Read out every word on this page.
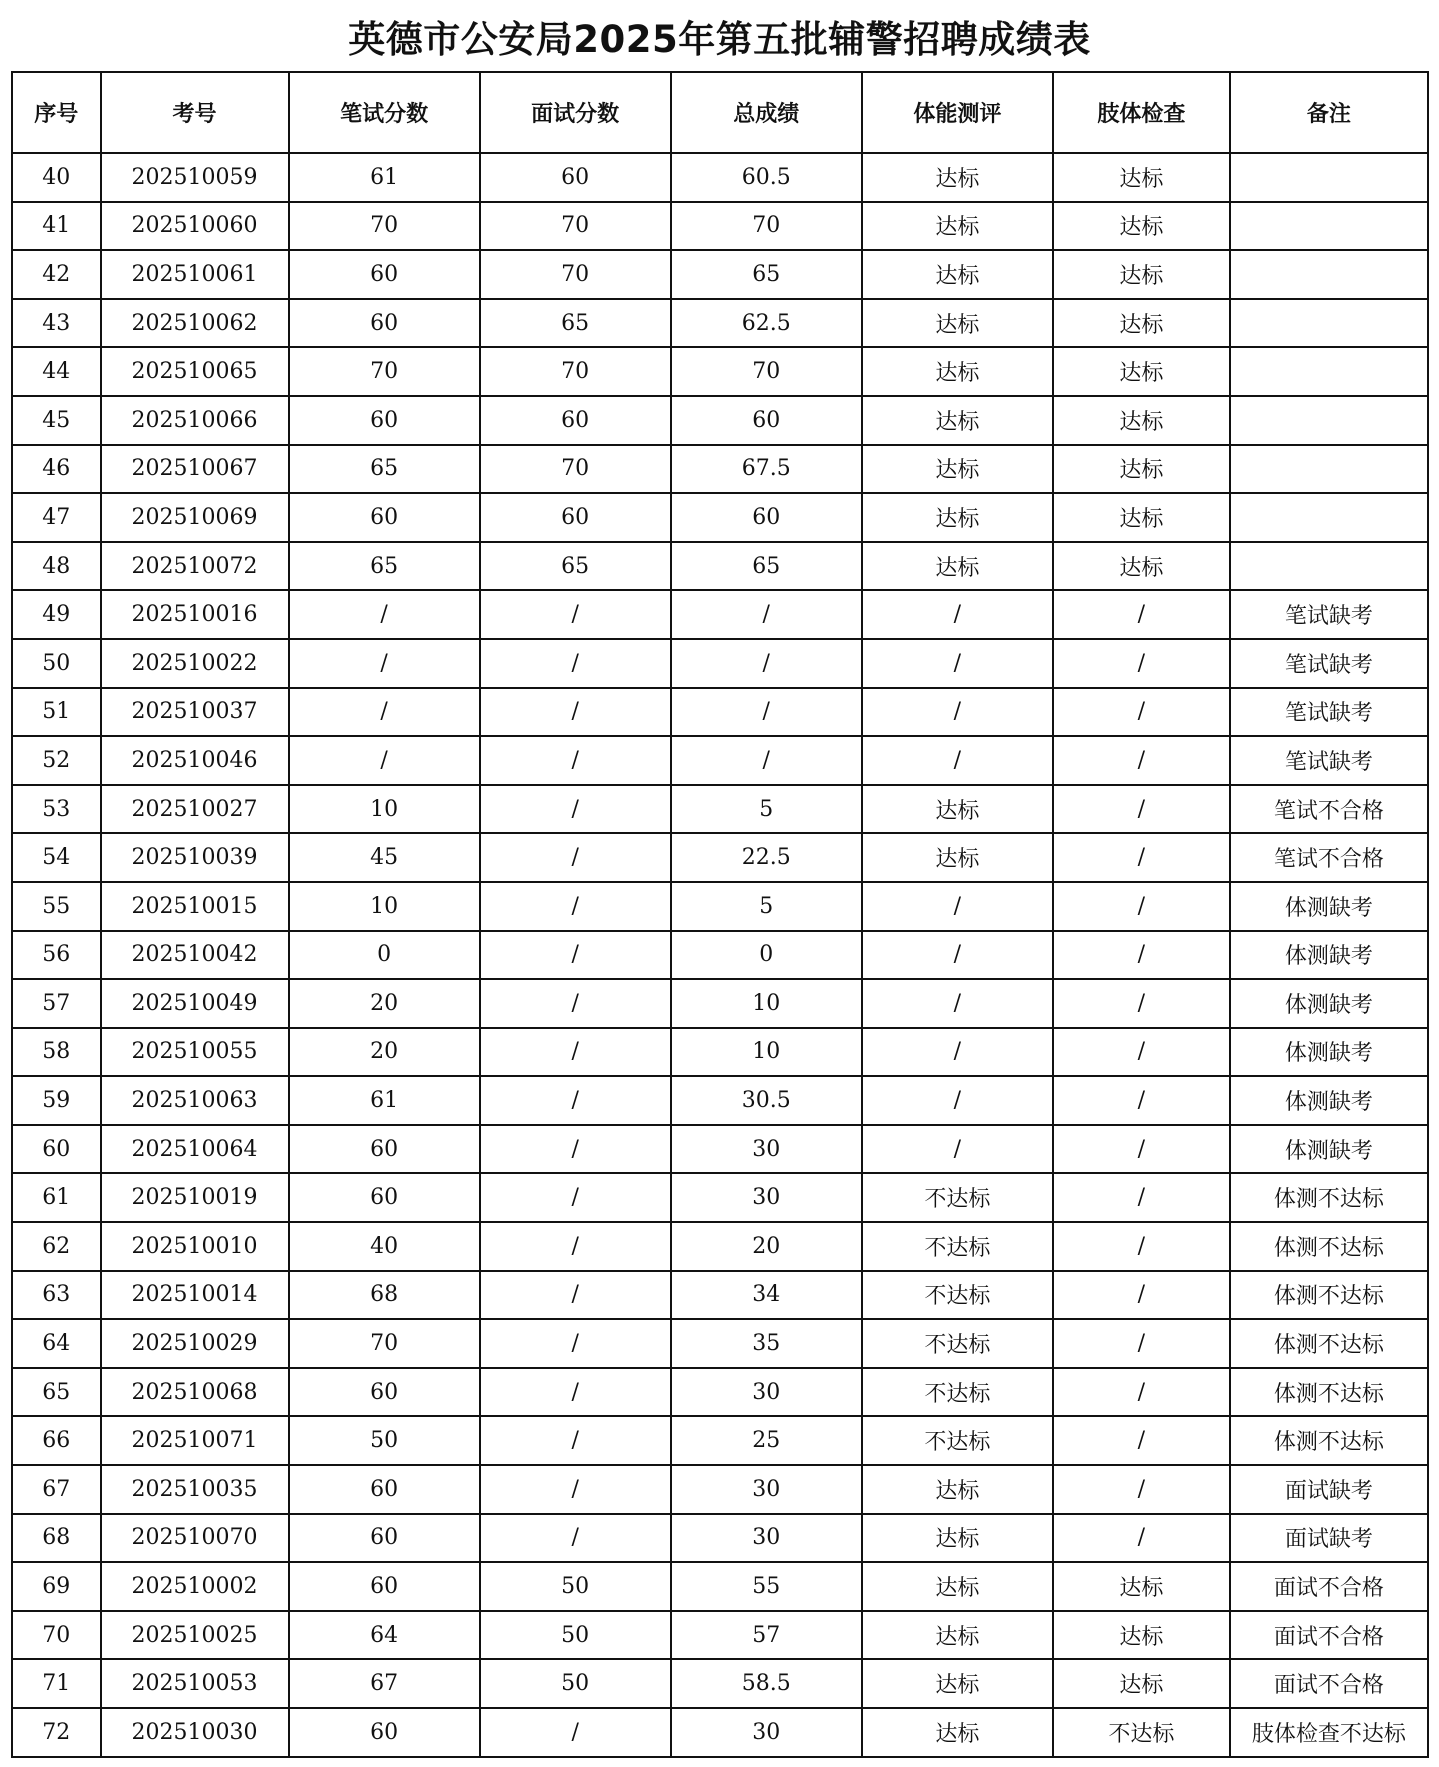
英德市公安局2025年第五批辅警招聘成绩表
序号	考号	笔试分数	面试分数	总成绩	体能测评	肢体检查	备注
40	202510059	61	60	60.5	达标	达标	
41	202510060	70	70	70	达标	达标	
42	202510061	60	70	65	达标	达标	
43	202510062	60	65	62.5	达标	达标	
44	202510065	70	70	70	达标	达标	
45	202510066	60	60	60	达标	达标	
46	202510067	65	70	67.5	达标	达标	
47	202510069	60	60	60	达标	达标	
48	202510072	65	65	65	达标	达标	
49	202510016	/	/	/	/	/	笔试缺考
50	202510022	/	/	/	/	/	笔试缺考
51	202510037	/	/	/	/	/	笔试缺考
52	202510046	/	/	/	/	/	笔试缺考
53	202510027	10	/	5	达标	/	笔试不合格
54	202510039	45	/	22.5	达标	/	笔试不合格
55	202510015	10	/	5	/	/	体测缺考
56	202510042	0	/	0	/	/	体测缺考
57	202510049	20	/	10	/	/	体测缺考
58	202510055	20	/	10	/	/	体测缺考
59	202510063	61	/	30.5	/	/	体测缺考
60	202510064	60	/	30	/	/	体测缺考
61	202510019	60	/	30	不达标	/	体测不达标
62	202510010	40	/	20	不达标	/	体测不达标
63	202510014	68	/	34	不达标	/	体测不达标
64	202510029	70	/	35	不达标	/	体测不达标
65	202510068	60	/	30	不达标	/	体测不达标
66	202510071	50	/	25	不达标	/	体测不达标
67	202510035	60	/	30	达标	/	面试缺考
68	202510070	60	/	30	达标	/	面试缺考
69	202510002	60	50	55	达标	达标	面试不合格
70	202510025	64	50	57	达标	达标	面试不合格
71	202510053	67	50	58.5	达标	达标	面试不合格
72	202510030	60	/	30	达标	不达标	肢体检查不达标
